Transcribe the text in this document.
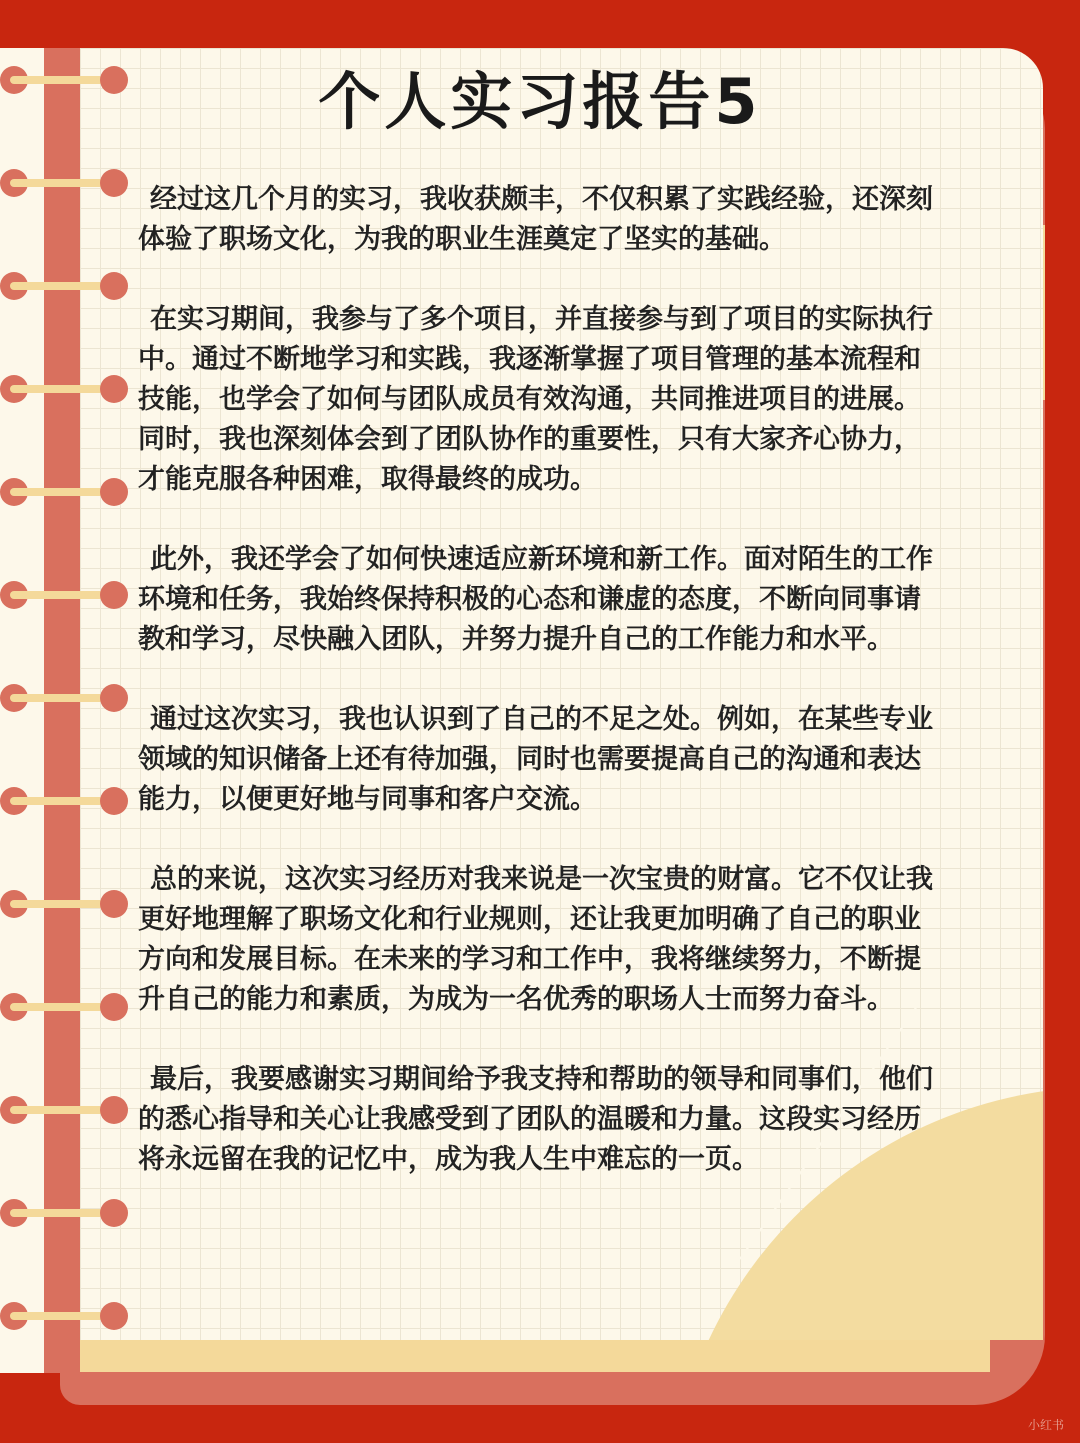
个人实习报告5

经过这几个月的实习，我收获颇丰，不仅积累了实践经验，还深刻体验了职场文化，为我的职业生涯奠定了坚实的基础。

在实习期间，我参与了多个项目，并直接参与到了项目的实际执行中。通过不断地学习和实践，我逐渐掌握了项目管理的基本流程和技能，也学会了如何与团队成员有效沟通，共同推进项目的进展。同时，我也深刻体会到了团队协作的重要性，只有大家齐心协力，才能克服各种困难，取得最终的成功。

此外，我还学会了如何快速适应新环境和新工作。面对陌生的工作环境和任务，我始终保持积极的心态和谦虚的态度，不断向同事请教和学习，尽快融入团队，并努力提升自己的工作能力和水平。

通过这次实习，我也认识到了自己的不足之处。例如，在某些专业领域的知识储备上还有待加强，同时也需要提高自己的沟通和表达能力，以便更好地与同事和客户交流。

总的来说，这次实习经历对我来说是一次宝贵的财富。它不仅让我更好地理解了职场文化和行业规则，还让我更加明确了自己的职业方向和发展目标。在未来的学习和工作中，我将继续努力，不断提升自己的能力和素质，为成为一名优秀的职场人士而努力奋斗。

最后，我要感谢实习期间给予我支持和帮助的领导和同事们，他们的悉心指导和关心让我感受到了团队的温暖和力量。这段实习经历将永远留在我的记忆中，成为我人生中难忘的一页。

小红书
